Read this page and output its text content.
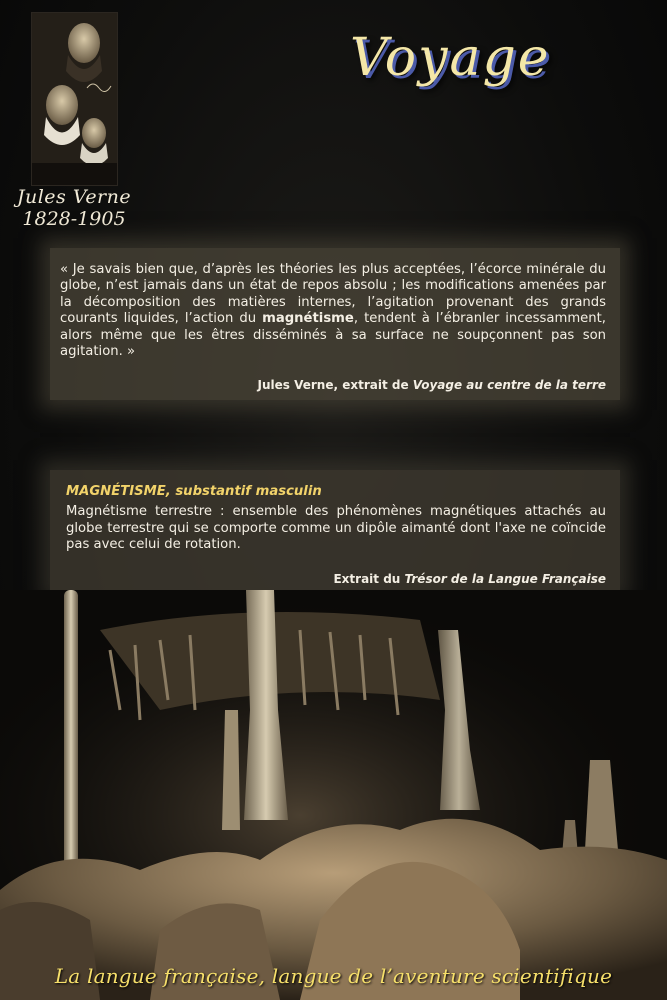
Jules Verne
1828-1905
Voyage
« Je savais bien que, d’après les théories les plus acceptées, l’écorce minérale du globe, n’est jamais dans un état de repos absolu ; les modifications amenées par la décomposition des matières internes, l’agitation provenant des grands courants liquides, l’action du magnétisme, tendent à l’ébranler incessamment, alors même que les êtres disséminés à sa surface ne soupçonnent pas son agitation. »
Jules Verne, extrait de Voyage au centre de la terre
MAGNÉTISME, substantif masculin
Magnétisme terrestre : ensemble des phénomènes magnétiques attachés au globe terrestre qui se comporte comme un dipôle aimanté dont l'axe ne coïncide pas avec celui de rotation.
Extrait du Trésor de la Langue Française
La langue française, langue de l’aventure scientifique
